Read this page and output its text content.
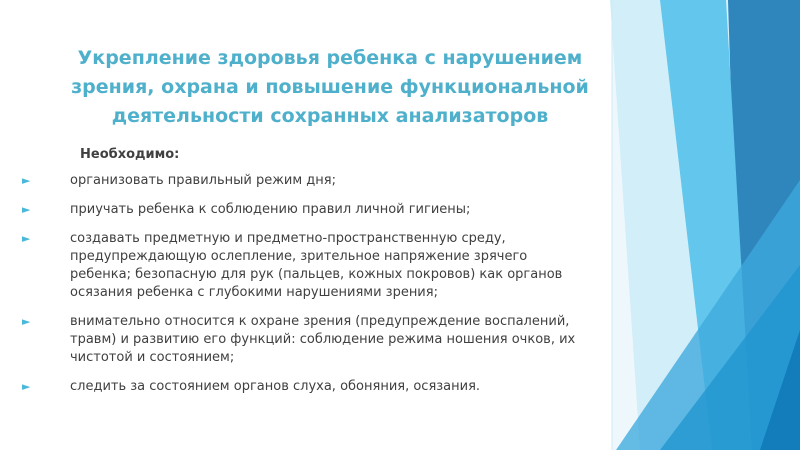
Укрепление здоровья ребенка с нарушением зрения, охрана и повышение функциональной деятельности сохранных анализаторов
Необходимо:
►	организовать правильный режим дня;
►	приучать ребенка к соблюдению правил личной гигиены;
►	создавать предметную и предметно-пространственную среду, предупреждающую ослепление, зрительное напряжение зрячего ребенка; безопасную для рук (пальцев, кожных покровов) как органов осязания ребенка с глубокими нарушениями зрения;
►	внимательно относится к охране зрения (предупреждение воспалений, травм) и развитию его функций: соблюдение режима ношения очков, их чистотой и состоянием;
►	следить за состоянием органов слуха, обоняния, осязания.
